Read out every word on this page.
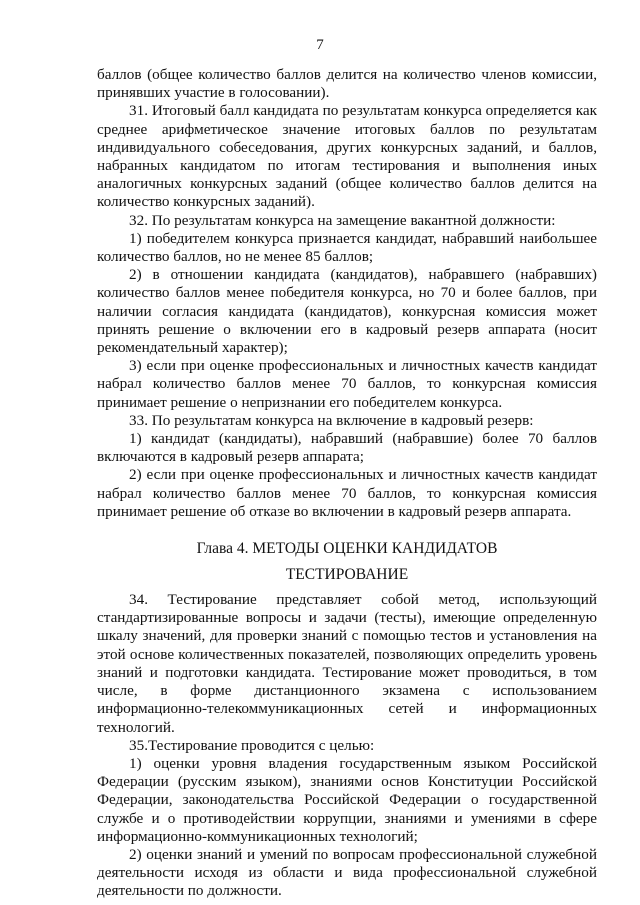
7

баллов (общее количество баллов делится на количество членов комиссии, принявших участие в голосовании).

31. Итоговый балл кандидата по результатам конкурса определяется как среднее арифметическое значение итоговых баллов по результатам индивидуального собеседования, других конкурсных заданий, и баллов, набранных кандидатом по итогам тестирования и выполнения иных аналогичных конкурсных заданий (общее количество баллов делится на количество конкурсных заданий).

32. По результатам конкурса на замещение вакантной должности:

1) победителем конкурса признается кандидат, набравший наибольшее количество баллов, но не менее 85 баллов;

2) в отношении кандидата (кандидатов), набравшего (набравших) количество баллов менее победителя конкурса, но 70 и более баллов, при наличии согласия кандидата (кандидатов), конкурсная комиссия может принять решение о включении его в кадровый резерв аппарата (носит рекомендательный характер);

3) если при оценке профессиональных и личностных качеств кандидат набрал количество баллов менее 70 баллов, то конкурсная комиссия принимает решение о непризнании его победителем конкурса.

33. По результатам конкурса на включение в кадровый резерв:

1) кандидат (кандидаты), набравший (набравшие) более 70 баллов включаются в кадровый резерв аппарата;

2) если при оценке профессиональных и личностных качеств кандидат набрал количество баллов менее 70 баллов, то конкурсная комиссия принимает решение об отказе во включении в кадровый резерв аппарата.

Глава 4. МЕТОДЫ ОЦЕНКИ КАНДИДАТОВ
ТЕСТИРОВАНИЕ

34. Тестирование представляет собой метод, использующий стандартизированные вопросы и задачи (тесты), имеющие определенную шкалу значений, для проверки знаний с помощью тестов и установления на этой основе количественных показателей, позволяющих определить уровень знаний и подготовки кандидата. Тестирование может проводиться, в том числе, в форме дистанционного экзамена с использованием информационно-телекоммуникационных сетей и информационных технологий.

35.Тестирование проводится с целью:

1) оценки уровня владения государственным языком Российской Федерации (русским языком), знаниями основ Конституции Российской Федерации, законодательства Российской Федерации о государственной службе и о противодействии коррупции, знаниями и умениями в сфере информационно-коммуникационных технологий;

2) оценки знаний и умений по вопросам профессиональной служебной деятельности исходя из области и вида профессиональной служебной деятельности по должности.
